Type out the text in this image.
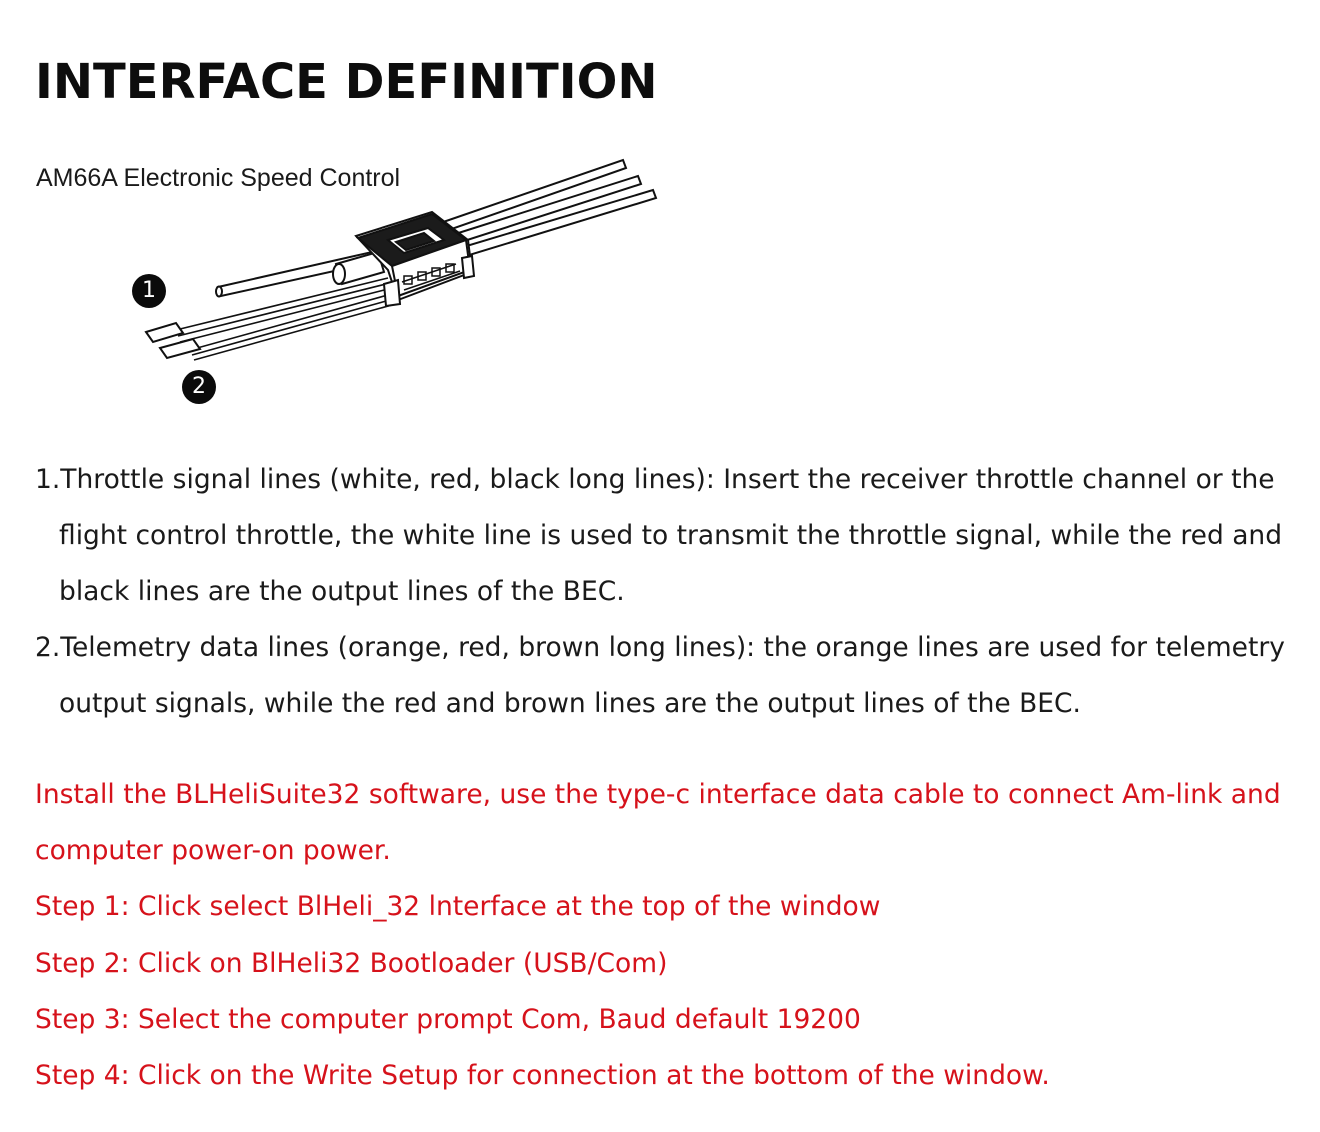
INTERFACE DEFINITION
AM66A Electronic Speed Control
1
2
1.Throttle signal lines (white, red, black long lines): Insert the receiver throttle channel or the flight control throttle, the white line is used to transmit the throttle signal, while the red and black lines are the output lines of the BEC.
2.Telemetry data lines (orange, red, brown long lines): the orange lines are used for telemetry output signals, while the red and brown lines are the output lines of the BEC.
Install the BLHeliSuite32 software, use the type-c interface data cable to connect Am-link and computer power-on power.
Step 1: Click select BlHeli_32 lnterface at the top of the window
Step 2: Click on BlHeli32 Bootloader (USB/Com)
Step 3: Select the computer prompt Com, Baud default 19200
Step 4: Click on the Write Setup for connection at the bottom of the window.
